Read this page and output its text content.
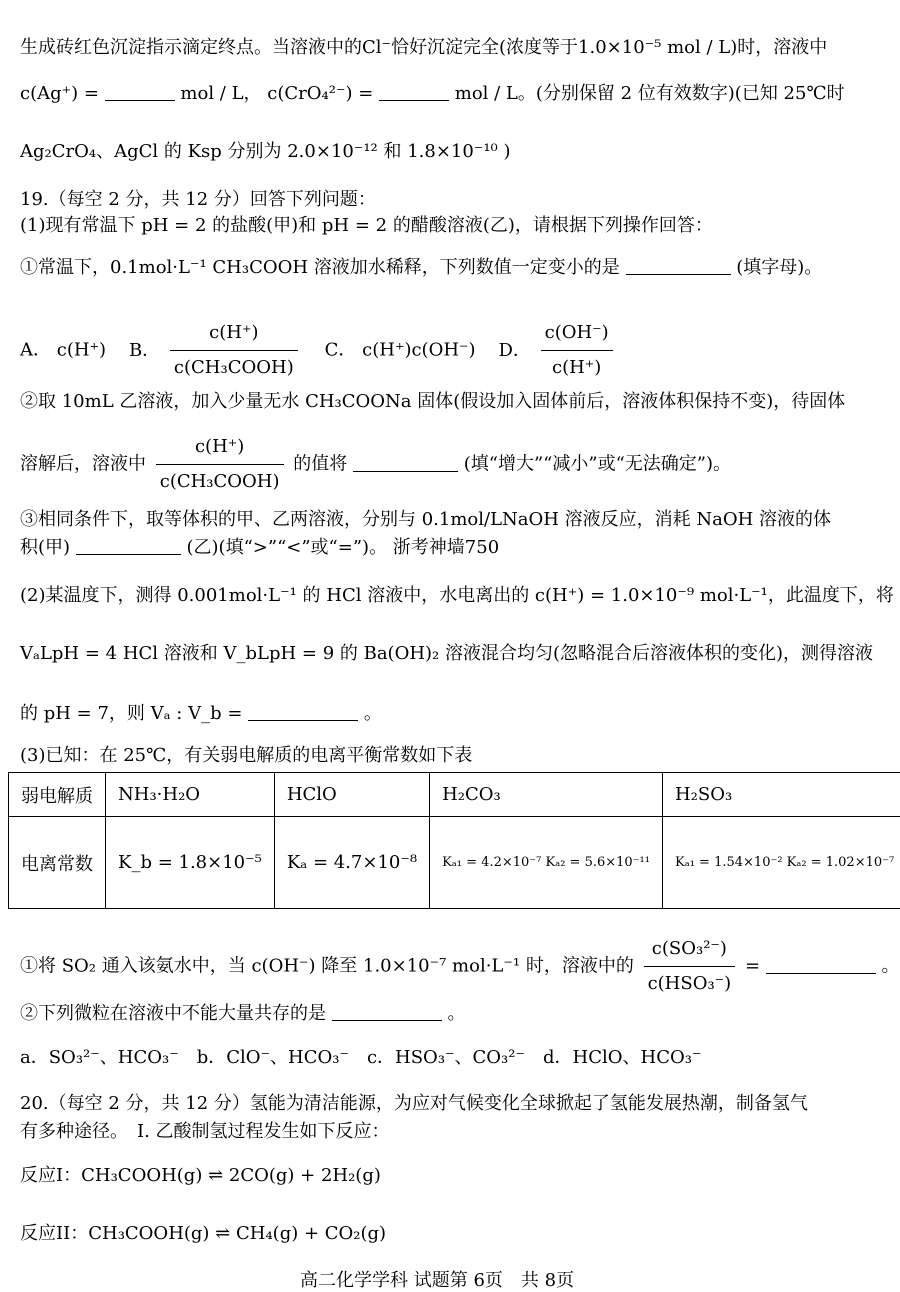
生成砖红色沉淀指示滴定终点。当溶液中的Cl⁻恰好沉淀完全(浓度等于1.0×10⁻⁵ mol / L)时，溶液中
c(Ag⁺) =	mol / L， c(CrO₄²⁻) =	mol / L。(分别保留 2 位有效数字)(已知 25℃时
Ag₂CrO₄、AgCl 的 Ksp 分别为 2.0×10⁻¹² 和 1.8×10⁻¹⁰ )
19.（每空 2 分，共 12 分）回答下列问题：
(1)现有常温下 pH = 2 的盐酸(甲)和 pH = 2 的醋酸溶液(乙)，请根据下列操作回答：
①常温下，0.1mol·L⁻¹ CH₃COOH 溶液加水稀释，下列数值一定变小的是	(填字母)。
A． c(H⁺) B． $\frac{c(H^+)}{\text{c(CH₃COOH)}}$ C． c(H⁺)c(OH⁻) D． $\frac{c(OH^-)}{c(H^+)}$
②取 10mL 乙溶液，加入少量无水 CH₃COONa 固体(假设加入固体前后，溶液体积保持不变)，待固体
溶解后，溶液中 $\frac{c(H^+)}{\text{c(CH₃COOH)}}$ 的值将	(填“增大”“减小”或“无法确定”)。
③相同条件下，取等体积的甲、乙两溶液，分别与 0.1mol/LNaOH 溶液反应，消耗 NaOH 溶液的体
积(甲)	(乙)(填“>”“<”或“=”)。 浙考神墙750
(2)某温度下，测得 0.001mol·L⁻¹ 的 HCl 溶液中，水电离出的 c(H⁺) = 1.0×10⁻⁹ mol·L⁻¹，此温度下，将
VₐLpH = 4 HCl 溶液和 V_bLpH = 9 的 Ba(OH)₂ 溶液混合均匀(忽略混合后溶液体积的变化)，测得溶液
的 pH = 7，则 Vₐ : V_b =	。
(3)已知：在 25℃，有关弱电解质的电离平衡常数如下表
弱电解质	NH₃·H₂O	HClO	H₂CO₃	H₂SO₃
电离常数	K_b = 1.8×10⁻⁵	Kₐ = 4.7×10⁻⁸	Kₐ₁ = 4.2×10⁻⁷ Kₐ₂ = 5.6×10⁻¹¹	Kₐ₁ = 1.54×10⁻² Kₐ₂ = 1.02×10⁻⁷
①将 SO₂ 通入该氨水中，当 c(OH⁻) 降至 1.0×10⁻⁷ mol·L⁻¹ 时，溶液中的 $\frac{\text{c(SO₃²⁻)}}{\text{c(HSO₃⁻)}}$ =	。
②下列微粒在溶液中不能大量共存的是	。
a．SO₃²⁻、HCO₃⁻　b．ClO⁻、HCO₃⁻　c．HSO₃⁻、CO₃²⁻　d．HClO、HCO₃⁻
20.（每空 2 分，共 12 分）氢能为清洁能源，为应对气候变化全球掀起了氢能发展热潮，制备氢气
有多种途径。　I. 乙酸制氢过程发生如下反应：
反应I：CH₃COOH(g) ⇌ 2CO(g) + 2H₂(g)
反应II：CH₃COOH(g) ⇌ CH₄(g) + CO₂(g)
高二化学学科 试题第 6页　共 8页
